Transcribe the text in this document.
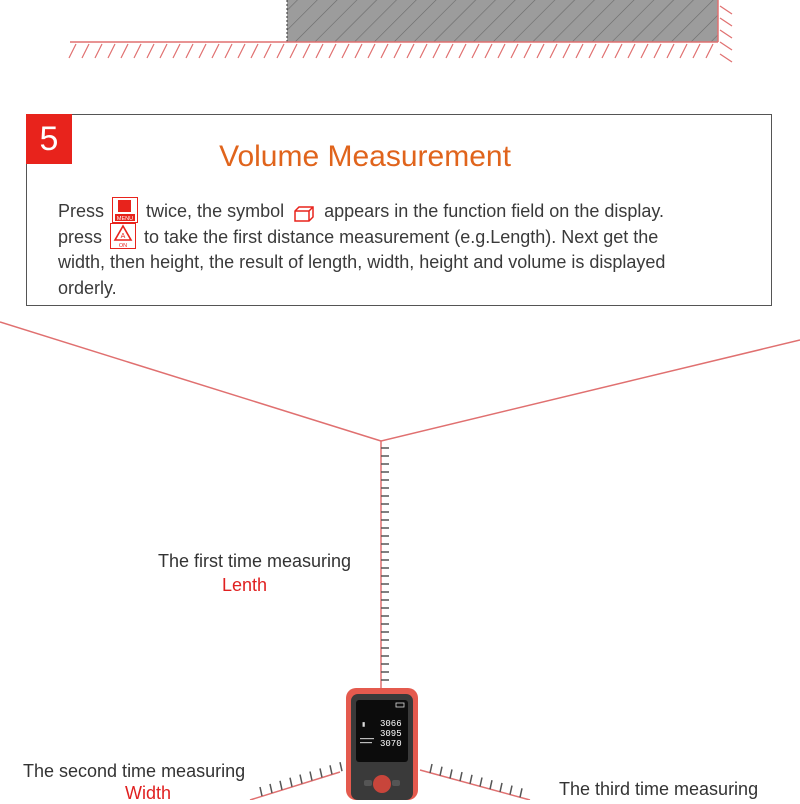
5	Volume Measurement
Press MENU twice, the symbol appears in the function field on the display.
press	A
ON to take the first distance measurement (e.g.Length). Next get the
width, then height, the result of length, width, height and volume is displayed
orderly.
The first time measuring
Lenth
The second time measuring
Width	The third time measuring
▮ 3066
3095
3070
